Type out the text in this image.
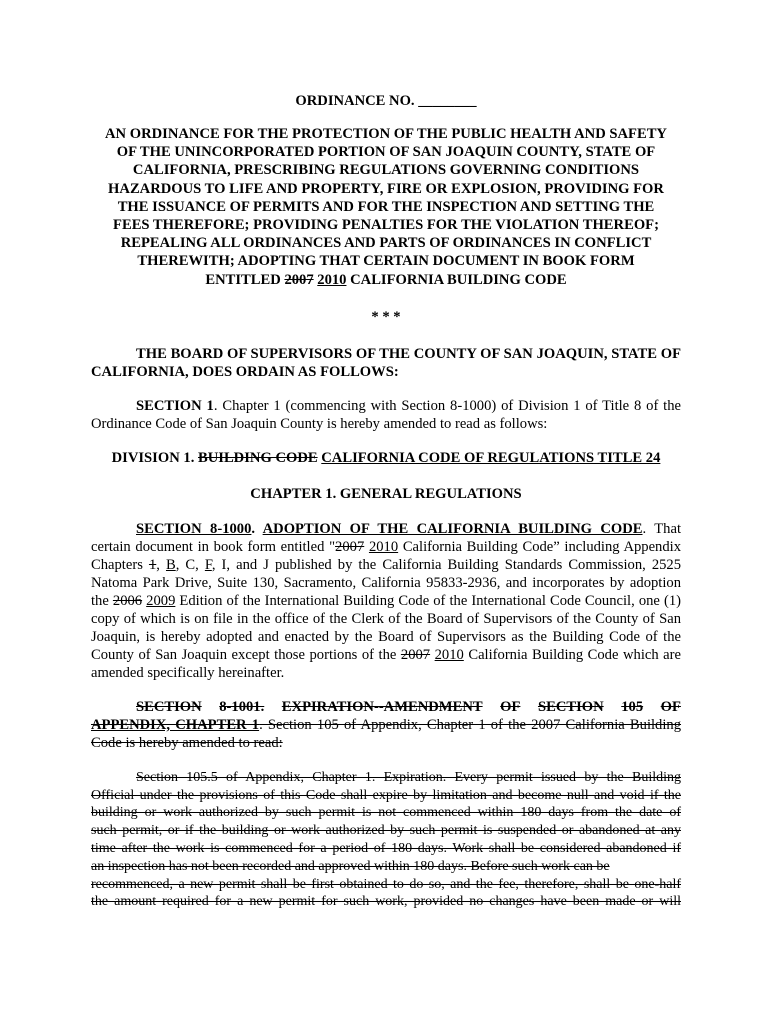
ORDINANCE NO. ________

AN ORDINANCE FOR THE PROTECTION OF THE PUBLIC HEALTH AND SAFETY
OF THE UNINCORPORATED PORTION OF SAN JOAQUIN COUNTY, STATE OF
CALIFORNIA, PRESCRIBING REGULATIONS GOVERNING CONDITIONS
HAZARDOUS TO LIFE AND PROPERTY, FIRE OR EXPLOSION, PROVIDING FOR
THE ISSUANCE OF PERMITS AND FOR THE INSPECTION AND SETTING THE
FEES THEREFORE; PROVIDING PENALTIES FOR THE VIOLATION THEREOF;
REPEALING ALL ORDINANCES AND PARTS OF ORDINANCES IN CONFLICT
THEREWITH; ADOPTING THAT CERTAIN DOCUMENT IN BOOK FORM
ENTITLED 2007 2010 CALIFORNIA BUILDING CODE

* * *

THE BOARD OF SUPERVISORS OF THE COUNTY OF SAN JOAQUIN, STATE OF CALIFORNIA, DOES ORDAIN AS FOLLOWS:

SECTION 1. Chapter 1 (commencing with Section 8-1000) of Division 1 of Title 8 of the Ordinance Code of San Joaquin County is hereby amended to read as follows:

DIVISION 1. BUILDING CODE CALIFORNIA CODE OF REGULATIONS TITLE 24

CHAPTER 1. GENERAL REGULATIONS

SECTION 8-1000. ADOPTION OF THE CALIFORNIA BUILDING CODE. That certain document in book form entitled "2007 2010 California Building Code” including Appendix Chapters 1, B, C, F, I, and J published by the California Building Standards Commission, 2525 Natoma Park Drive, Suite 130, Sacramento, California 95833-2936, and incorporates by adoption the 2006 2009 Edition of the International Building Code of the International Code Council, one (1) copy of which is on file in the office of the Clerk of the Board of Supervisors of the County of San Joaquin, is hereby adopted and enacted by the Board of Supervisors as the Building Code of the County of San Joaquin except those portions of the 2007 2010 California Building Code which are amended specifically hereinafter.

SECTION 8-1001. EXPIRATION--AMENDMENT OF SECTION 105 OF
APPENDIX, CHAPTER 1. Section 105 of Appendix, Chapter 1 of the 2007 California Building
Code is hereby amended to read:
Section 105.5 of Appendix, Chapter 1. Expiration. Every permit issued by the Building
Official under the provisions of this Code shall expire by limitation and become null and void if the
building or work authorized by such permit is not commenced within 180 days from the date of
such permit, or if the building or work authorized by such permit is suspended or abandoned at any
time after the work is commenced for a period of 180 days. Work shall be considered abandoned if
an inspection has not been recorded and approved within 180 days. Before such work can be
recommenced, a new permit shall be first obtained to do so, and the fee, therefore, shall be one-half
the amount required for a new permit for such work, provided no changes have been made or will
